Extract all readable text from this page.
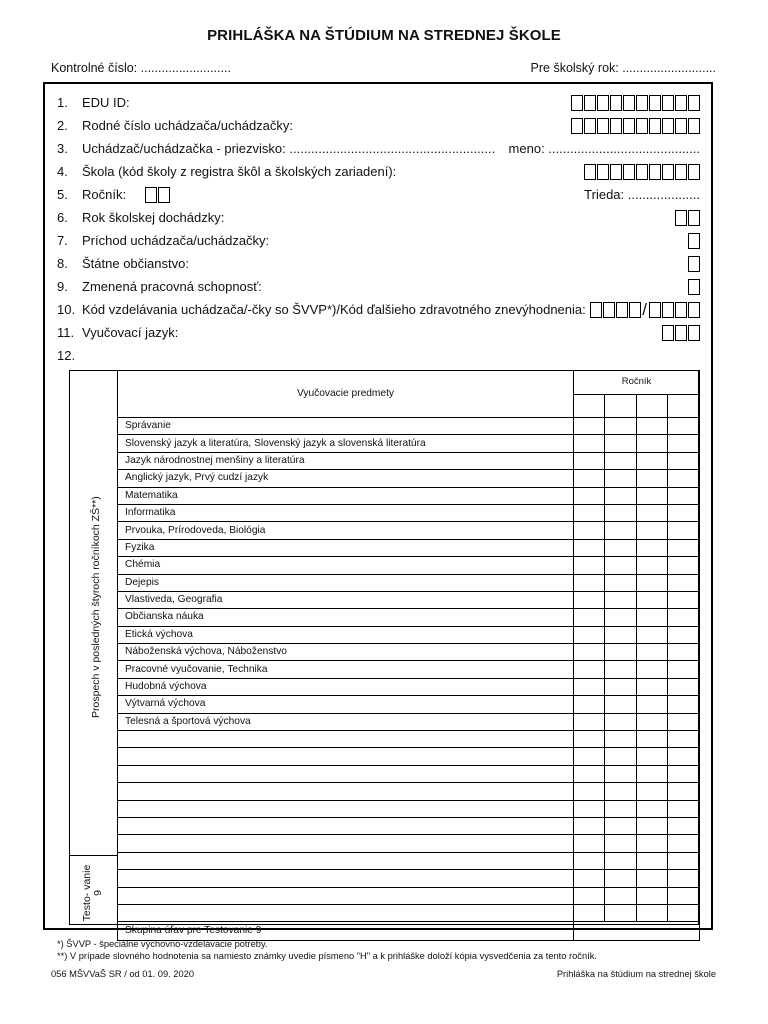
PRIHLÁŠKA NA ŠTÚDIUM NA STREDNEJ ŠKOLE
Kontrolné číslo: ..........................	Pre školský rok: ...........................
1. EDU ID:
2. Rodné číslo uchádzača/uchádzačky:
3. Uchádzač/uchádzačka - priezvisko: ......................................................... meno: ..........................................
4. Škola (kód školy z registra škôl a školských zariadení):
5. Ročník:	Trieda: ....................
6. Rok školskej dochádzky:
7. Príchod uchádzača/uchádzačky:
8. Štátne občianstvo:
9. Zmenená pracovná schopnosť:
10. Kód vzdelávania uchádzača/-čky so ŠVVP*)/Kód ďalšieho zdravotného znevýhodnenia:	/
11. Vyučovací jazyk:
12.
Prospech v posledných štyroch ročníkoch ZŠ**)
Testo- vanie 9
Vyučovacie predmety	Ročník			

Správanie				
Slovenský jazyk a literatúra, Slovenský jazyk a slovenská literatúra				
Jazyk národnostnej menšiny a literatúra				
Anglický jazyk, Prvý cudzí jazyk				
Matematika				
Informatika				
Prvouka, Prírodoveda, Biológia				
Fyzika				
Chémia				
Dejepis				
Vlastiveda, Geografia				
Občianska náuka				
Etická výchova				
Náboženská výchova, Náboženstvo				
Pracovné vyučovanie, Technika				
Hudobná výchova				
Výtvarná výchova				
Telesná a športová výchova				

Skupina úľav pre Testovanie 9				
*) ŠVVP - špeciálne výchovno-vzdelávacie potreby.
**) V prípade slovného hodnotenia sa namiesto známky uvedie písmeno "H" a k prihláške doloží kópia vysvedčenia za tento ročník.
056 MŠVVaŠ SR / od 01. 09. 2020	Prihláška na štúdium na strednej škole
